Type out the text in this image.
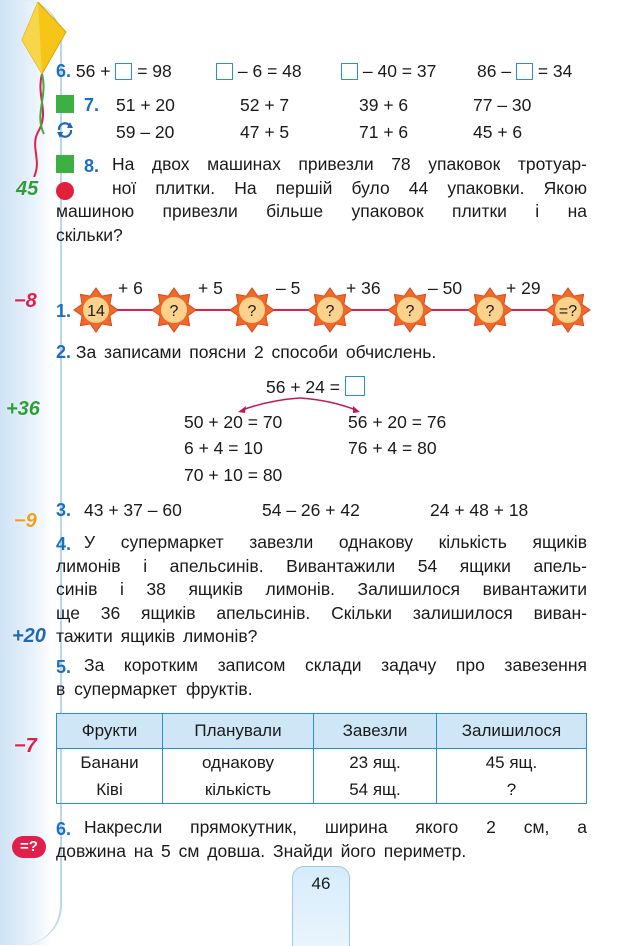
45
−8
+36
−9
+20
−7
=?
6. 56 + = 98	– 6 = 48	– 40 = 37 86 – = 34
7. 51 + 20	52 + 7	39 + 6	77 – 30
59 – 20	47 + 5	71 + 6	45 + 6
8. На двох машинах привезли 78 упаковок тротуар-
ної плитки. На першій було 44 упаковки. Якою
машиною привезли більше упаковок плитки і на
скільки?
1. 14	?	?	?	?	?	=?
+ 6	+ 5	– 5	+ 36	– 50	+ 29
2. За записами поясни 2 способи обчислень.
56 + 24 =
50 + 20 = 70
6 + 4 = 10
70 + 10 = 80
56 + 20 = 76
76 + 4 = 80
3. 43 + 37 – 60	54 – 26 + 42	24 + 48 + 18
4. У супермаркет завезли однакову кількість ящиків
лимонів і апельсинів. Вивантажили 54 ящики апель-
синів і 38 ящиків лимонів. Залишилося вивантажити
ще 36 ящиків апельсинів. Скільки залишилося виван-
тажити ящиків лимонів?
5. За коротким записом склади задачу про завезення
в супермаркет фруктів.
Фрукти	Планували	Завезли	Залишилося
Банани	однакову	23 ящ.	45 ящ.
Ківі	кількість	54 ящ.	?
6. Накресли прямокутник, ширина якого 2 см, а
довжина на 5 см довша. Знайди його периметр.
46
